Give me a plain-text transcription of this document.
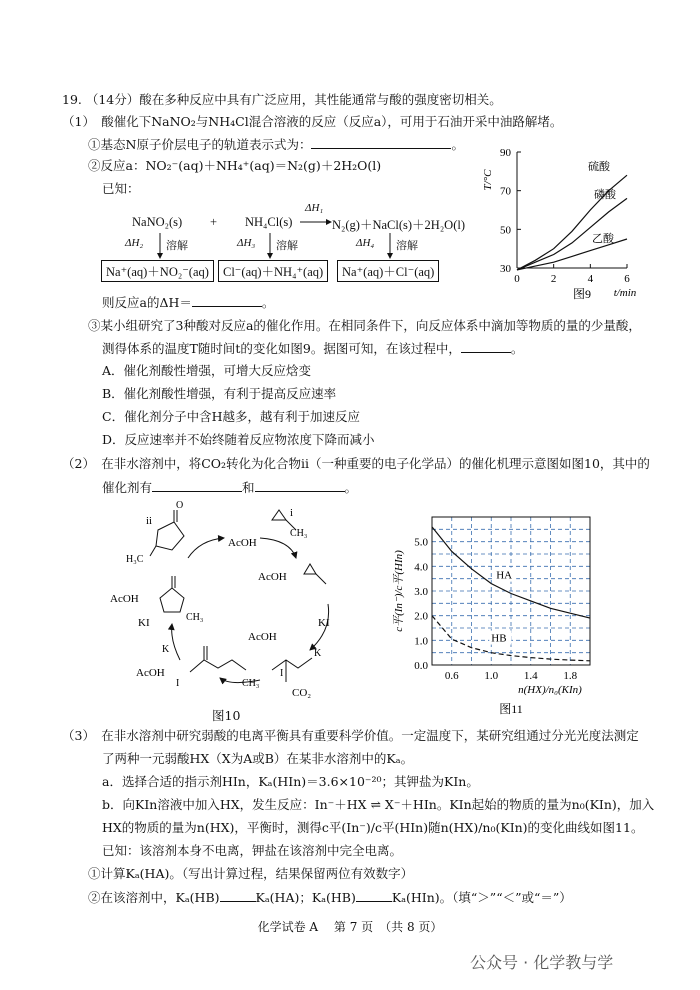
19. （14分）酸在多种反应中具有广泛应用，其性能通常与酸的强度密切相关。
（1）　酸催化下NaNO₂与NH₄Cl混合溶液的反应（反应a），可用于石油开采中油路解堵。
①基态N原子价层电子的轨道表示式为：	。
②反应a：NO₂⁻(aq)＋NH₄⁺(aq)＝N₂(g)＋2H₂O(l)
已知：
NaNO₂(s) + NH₄Cl(s)
ΔH₁
N₂(g)＋NaCl(s)＋2H₂O(l)
ΔH₂ 溶解	ΔH₃ 溶解	ΔH₄ 溶解
Na⁺(aq)＋NO₂⁻(aq)	Cl⁻(aq)＋NH₄⁺(aq)	Na⁺(aq)＋Cl⁻(aq)
则反应a的ΔH＝	。
30
50
70
90
0	2	4	6
T/°C
t/min
硫酸
磷酸
乙酸
图9
③某小组研究了3种酸对反应a的催化作用。在相同条件下，向反应体系中滴加等物质的量的少量酸，
测得体系的温度T随时间t的变化如图9。据图可知，在该过程中，	。
A．催化剂酸性增强，可增大反应焓变
B．催化剂酸性增强，有利于提高反应速率
C．催化剂分子中含H越多，越有利于加速反应
D．反应速率并不始终随着反应物浓度下降而减小
（2）　在非水溶剂中，将CO₂转化为化合物ii（一种重要的电子化学品）的催化机理示意图如图10，其中的
催化剂有	和	。
ii
i
O
H₃C
CH₃
AcOH
AcOH
KI
AcOH
K
CO₂
I
AcOH
CH₃
KI
K
AcOH
I	CH₃
图10
0.0
1.0
2.0
3.0
4.0
5.0
0.6 1.0 1.4 1.8
c平(In⁻)/c平(HIn)
n(HX)/n₀(KIn)
HA
HB
图11
（3）　在非水溶剂中研究弱酸的电离平衡具有重要科学价值。一定温度下，某研究组通过分光光度法测定
了两种一元弱酸HX（X为A或B）在某非水溶剂中的Kₐ。
a．选择合适的指示剂HIn，Kₐ(HIn)＝3.6×10⁻²⁰；其钾盐为KIn。
b．向KIn溶液中加入HX，发生反应：In⁻＋HX ⇌ X⁻＋HIn。KIn起始的物质的量为n₀(KIn)，加入
HX的物质的量为n(HX)，平衡时，测得c平(In⁻)/c平(HIn)随n(HX)/n₀(KIn)的变化曲线如图11。
已知：该溶剂本身不电离，钾盐在该溶剂中完全电离。
①计算Kₐ(HA)。（写出计算过程，结果保留两位有效数字）
②在该溶剂中，Kₐ(HB)	Kₐ(HA)；Kₐ(HB)	Kₐ(HIn)。（填“＞”“＜”或“＝”）
化学试卷 A　 第 7 页　（共 8 页）
公众号 · 化学教与学
